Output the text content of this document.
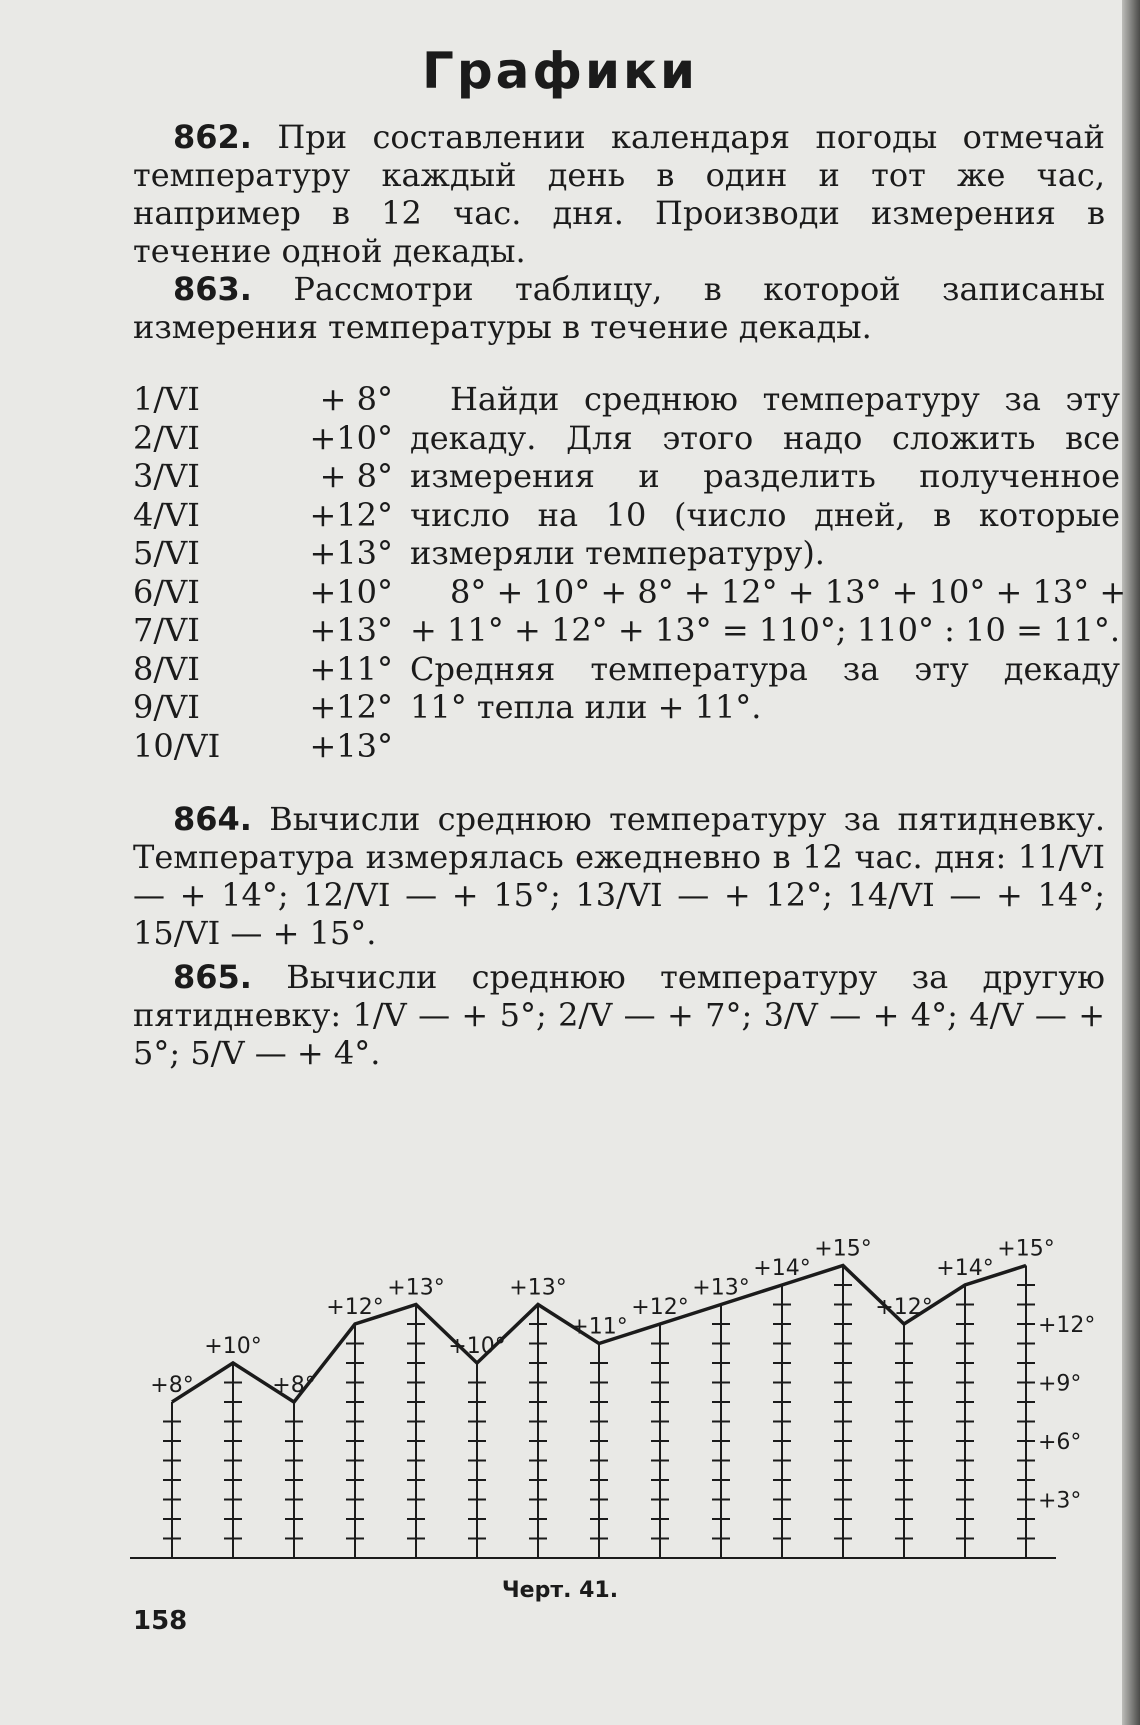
Графики
862. При составлении календаря погоды отмечай температуру каждый день в один и тот же час, например в 12 час. дня. Производи измерения в течение одной декады.
863. Рассмотри таблицу, в которой записаны измерения температуры в течение декады.
1/VI	+ 8°
2/VI	+10°
3/VI	+ 8°
4/VI	+12°
5/VI	+13°
6/VI	+10°
7/VI	+13°
8/VI	+11°
9/VI	+12°
10/VI	+13°
Найди среднюю температуру за эту
декаду. Для этого надо сложить все
измерения и разделить полученное
число на 10 (число дней, в которые
измеряли температуру).
8° + 10° + 8° + 12° + 13° + 10° + 13° +
+ 11° + 12° + 13° = 110°; 110° : 10 = 11°.
Средняя температура за эту декаду
11° тепла или + 11°.
864. Вычисли среднюю температуру за пятидневку. Температура измерялась ежедневно в 12 час. дня: 11/VI — + 14°; 12/VI — + 15°; 13/VI — + 12°; 14/VI — + 14°; 15/VI — + 15°.
865. Вычисли среднюю температуру за другую пятидневку: 1/V — + 5°; 2/V — + 7°; 3/V — + 4°; 4/V — + 5°; 5/V — + 4°.
+8°
+10°
+8°
+12°
+13°
+10°
+13°
+11°
+12°
+13°
+14°
+15°
+12°
+14°
+15°
+3°
+6°
+9°
+12°
Черт. 41.
158
